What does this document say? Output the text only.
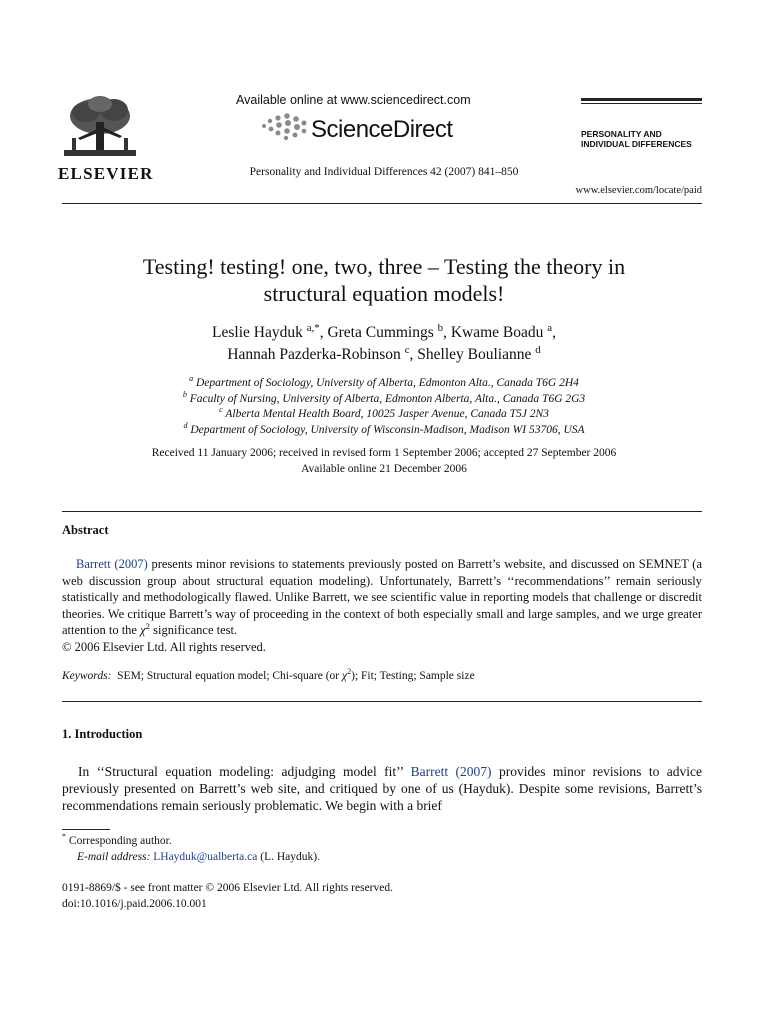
ELSEVIER
Available online at www.sciencedirect.com
ScienceDirect
Personality and Individual Differences 42 (2007) 841–850
PERSONALITY AND
INDIVIDUAL DIFFERENCES
www.elsevier.com/locate/paid
Testing! testing! one, two, three – Testing the theory in
structural equation models!
Leslie Hayduk $^{a,*}$, Greta Cummings $^b$, Kwame Boadu $^a$,
Hannah Pazderka-Robinson $^c$, Shelley Boulianne $^d$
$^a$ Department of Sociology, University of Alberta, Edmonton Alta., Canada T6G 2H4
$^b$ Faculty of Nursing, University of Alberta, Edmonton Alberta, Alta., Canada T6G 2G3
$^c$ Alberta Mental Health Board, 10025 Jasper Avenue, Canada T5J 2N3
$^d$ Department of Sociology, University of Wisconsin-Madison, Madison WI 53706, USA
Received 11 January 2006; received in revised form 1 September 2006; accepted 27 September 2006
Available online 21 December 2006
Abstract

Barrett (2007) presents minor revisions to statements previously posted on Barrett’s website, and discussed on SEMNET (a web discussion group about structural equation modeling). Unfortunately, Barrett’s ‘‘recommendations’’ remain seriously statistically and methodologically flawed. Unlike Barrett, we see scientific value in reporting models that challenge or discredit theories. We critique Barrett’s way of proceeding in the context of both especially small and large samples, and we urge greater attention to the $\chi^2$ significance test.

© 2006 Elsevier Ltd. All rights reserved.
Keywords: SEM; Structural equation model; Chi-square (or $\chi^2$); Fit; Testing; Sample size
1. Introduction

In ‘‘Structural equation modeling: adjudging model fit’’ Barrett (2007) provides minor revisions to advice previously presented on Barrett’s web site, and critiqued by one of us (Hayduk). Despite some revisions, Barrett’s recommendations remain seriously problematic. We begin with a brief

* Corresponding author.
E-mail address: LHayduk@ualberta.ca (L. Hayduk).
0191-8869/$ - see front matter © 2006 Elsevier Ltd. All rights reserved.
doi:10.1016/j.paid.2006.10.001
